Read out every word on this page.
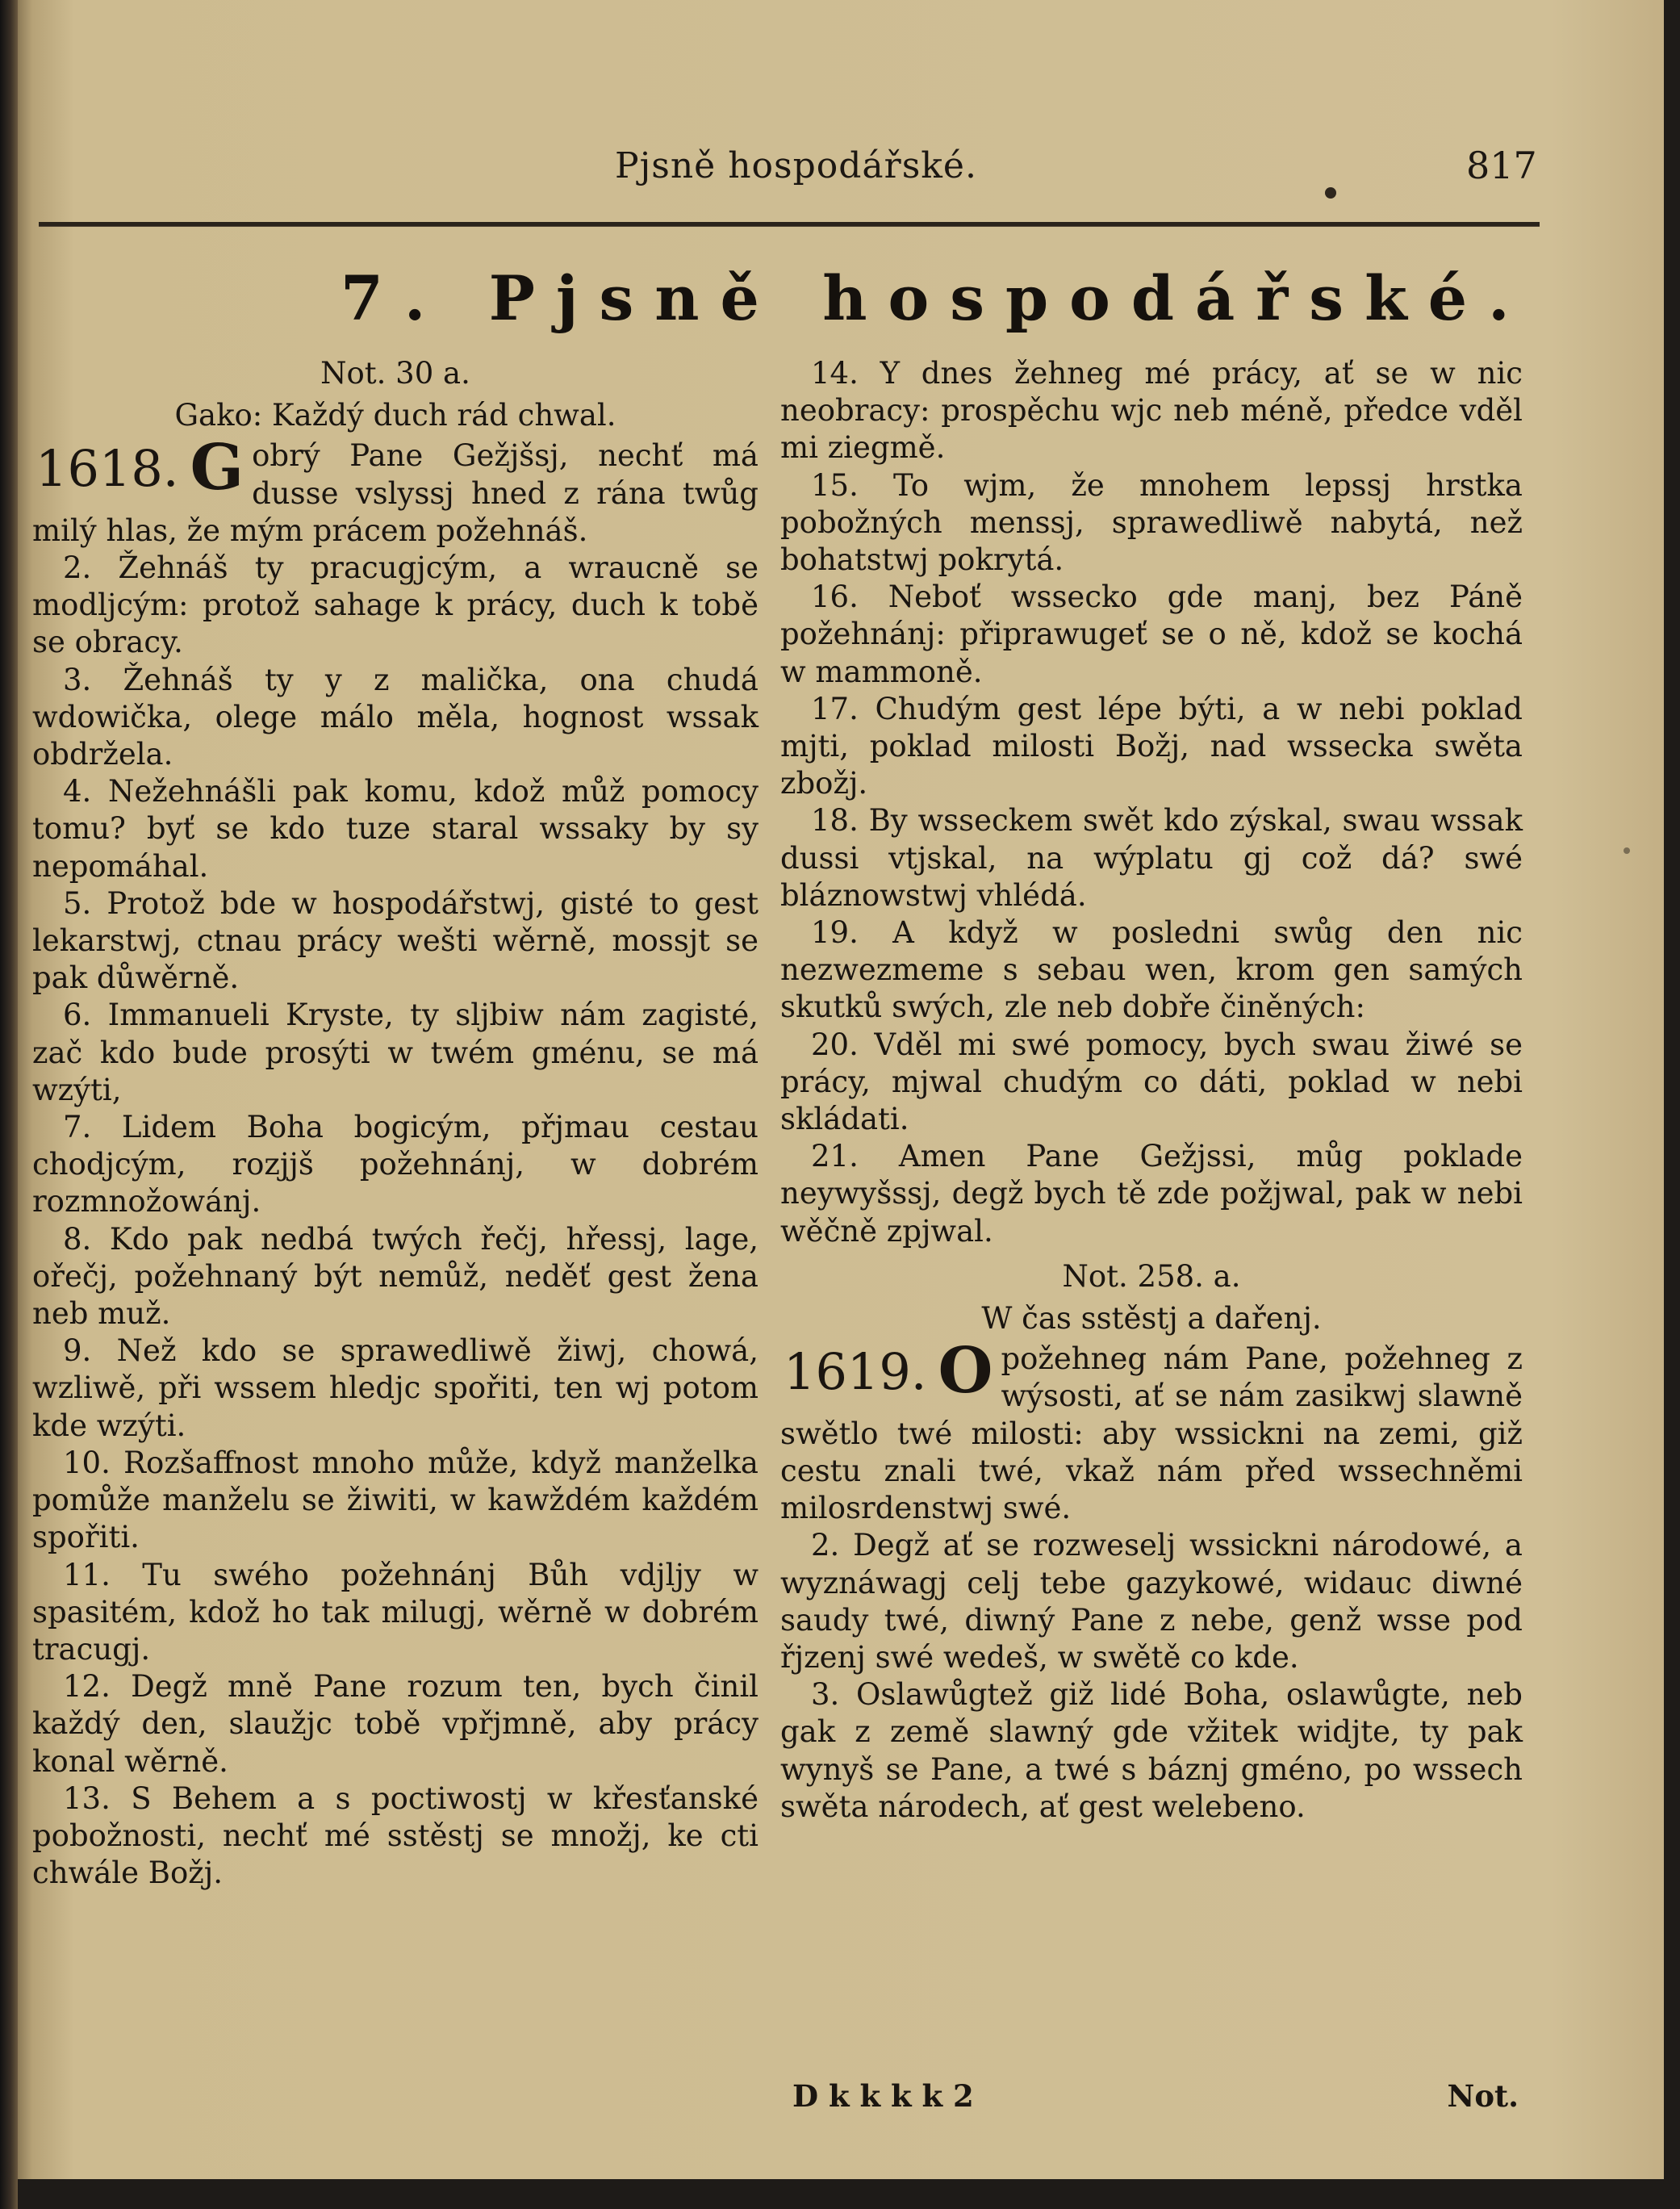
Pjsně hospodářské.	817
7. Pjsně hospodářské.

Not. 30 a.

Gako: Každý duch rád chwal.

1618. G obrý Pane Gežjšsj, nechť má dusse vslyssj hned z rána twůg milý hlas, že mým prácem požehnáš.

2. Žehnáš ty pracugjcým, a wraucně se modljcým: protož sahage k prácy, duch k tobě se obracy.

3. Žehnáš ty y z malička, ona chudá wdowička, olege málo měla, hognost wssak obdržela.

4. Nežehnášli pak komu, kdož můž pomocy tomu? byť se kdo tuze staral wssaky by sy nepomáhal.

5. Protož bde w hospodářstwj, gisté to gest lekarstwj, ctnau prácy wešti wěrně, mossjt se pak důwěrně.

6. Immanueli Kryste, ty sljbiw nám zagisté, zač kdo bude prosýti w twém gménu, se má wzýti,

7. Lidem Boha bogicým, přjmau cestau chodjcým, rozjjš požehnánj, w dobrém rozmnožowánj.

8. Kdo pak nedbá twých řečj, hřessj, lage, ořečj, požehnaný být nemůž, neděť gest žena neb muž.

9. Než kdo se sprawedliwě žiwj, chowá, wzliwě, při wssem hledjc spořiti, ten wj potom kde wzýti.

10. Rozšaffnost mnoho může, když manželka pomůže manželu se žiwiti, w kawždém každém spořiti.

11. Tu swého požehnánj Bůh vdjljy w spasitém, kdož ho tak milugj, wěrně w dobrém tracugj.

12. Degž mně Pane rozum ten, bych činil každý den, slaužjc tobě vpřjmně, aby prácy konal wěrně.

13. S Behem a s poctiwostj w křesťanské pobožnosti, nechť mé sstěstj se množj, ke cti chwále Božj.

14. Y dnes žehneg mé prácy, ať se w nic neobracy: prospěchu wjc neb méně, předce vděl mi ziegmě.

15. To wjm, že mnohem lepssj hrstka pobožných menssj, sprawedliwě nabytá, než bohatstwj pokrytá.

16. Neboť wssecko gde manj, bez Páně požehnánj: připrawugeť se o ně, kdož se kochá w mammoně.

17. Chudým gest lépe býti, a w nebi poklad mjti, poklad milosti Božj, nad wssecka swěta zbožj.

18. By wsseckem swět kdo zýskal, swau wssak dussi vtjskal, na wýplatu gj což dá? swé bláznowstwj vhlédá.

19. A když w posledni swůg den nic nezwezmeme s sebau wen, krom gen samých skutků swých, zle neb dobře činěných:

20. Vděl mi swé pomocy, bych swau žiwé se prácy, mjwal chudým co dáti, poklad w nebi skládati.

21. Amen Pane Gežjssi, můg poklade neywyšssj, degž bych tě zde požjwal, pak w nebi wěčně zpjwal.

Not. 258. a.

W čas sstěstj a dařenj.

1619. O požehneg nám Pane, požehneg z wýsosti, ať se nám zasikwj slawně swětlo twé milosti: aby wssickni na zemi, giž cestu znali twé, vkaž nám před wssechněmi milosrdenstwj swé.

2. Degž ať se rozweselj wssickni národowé, a wyznáwagj celj tebe gazykowé, widauc diwné saudy twé, diwný Pane z nebe, genž wsse pod řjzenj swé wedeš, w swětě co kde.

3. Oslawůgtež giž lidé Boha, oslawůgte, neb gak z země slawný gde vžitek widjte, ty pak wynyš se Pane, a twé s báznj gméno, po wssech swěta národech, ať gest welebeno.

D k k k k 2	Not.
